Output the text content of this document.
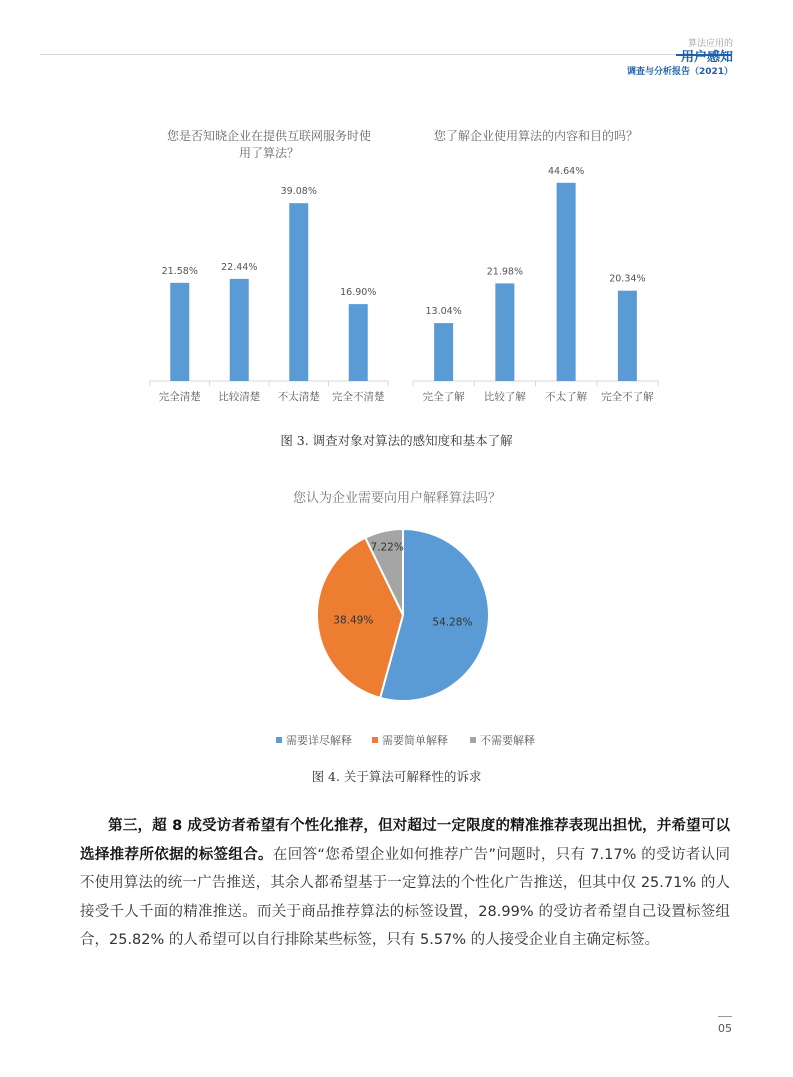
算法应用的
用户感知
调查与分析报告（2021）
您是否知晓企业在提供互联网服务时使
用了算法？
21.58%
完全清楚
22.44%
比较清楚
39.08%
不太清楚
16.90%
完全不清楚
您了解企业使用算法的内容和目的吗？
13.04%
完全了解
21.98%
比较了解
44.64%
不太了解
20.34%
完全不了解
您认为企业需要向用户解释算法吗？
54.28%
38.49%
7.22%
需要详尽解释	需要简单解释	不需要解释
图 3. 调查对象对算法的感知度和基本了解
图 4. 关于算法可解释性的诉求
第三，超 8 成受访者希望有个性化推荐，但对超过一定限度的精准推荐表现出担忧，并希望可以选择推荐所依据的标签组合。在回答“您希望企业如何推荐广告”问题时，只有 7.17% 的受访者认同不使用算法的统一广告推送，其余人都希望基于一定算法的个性化广告推送，但其中仅 25.71% 的人接受千人千面的精准推送。而关于商品推荐算法的标签设置，28.99% 的受访者希望自己设置标签组合，25.82% 的人希望可以自行排除某些标签，只有 5.57% 的人接受企业自主确定标签。
05
